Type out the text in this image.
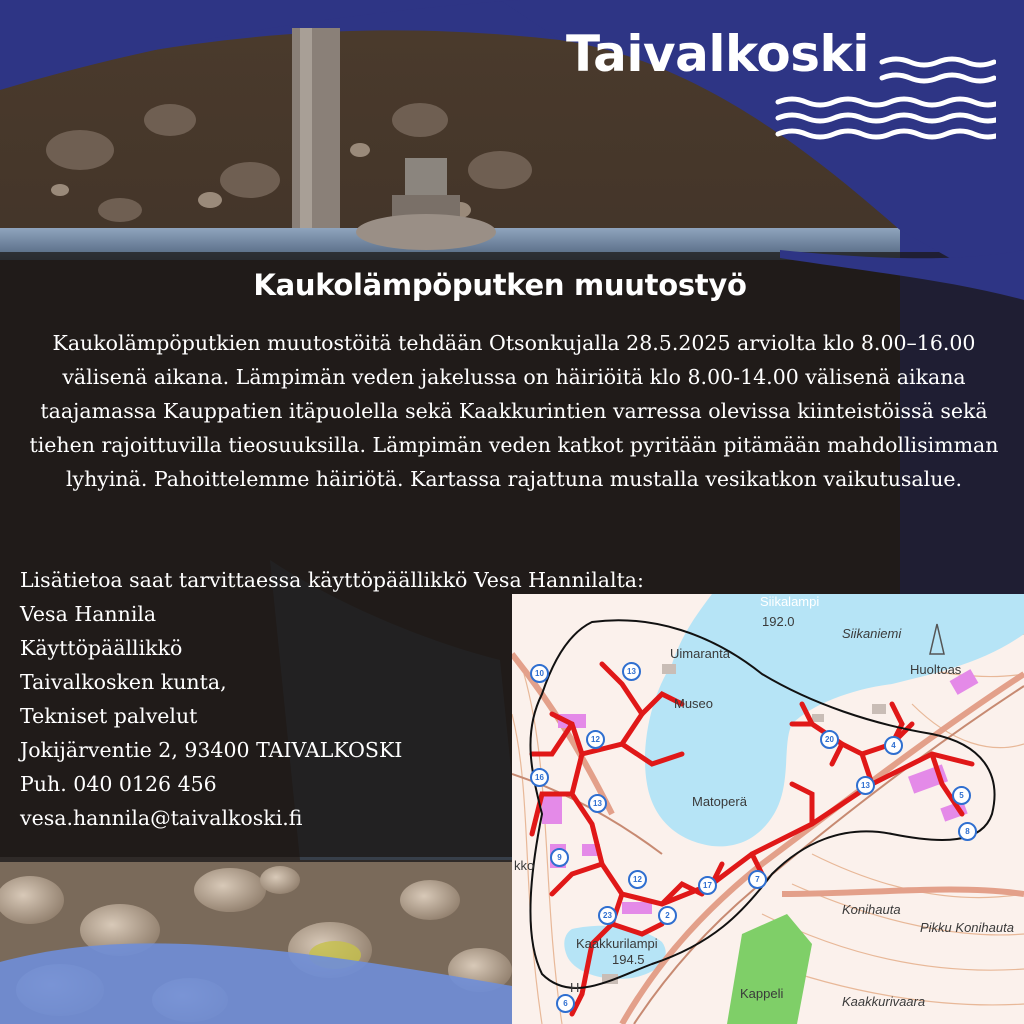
Taivalkoski
Kaukolämpöputken muutostyö
Kaukolämpöputkien muutostöitä tehdään Otsonkujalla 28.5.2025 arviolta klo 8.00–16.00 välisenä aikana. Lämpimän veden jakelussa on häiriöitä klo 8.00-14.00 välisenä aikana taajamassa Kauppatien itäpuolella sekä Kaakkurintien varressa olevissa kiinteistöissä sekä tiehen rajoittuvilla tieosuuksilla. Lämpimän veden katkot pyritään pitämään mahdollisimman lyhyinä. Pahoittelemme häiriötä. Kartassa rajattuna mustalla vesikatkon vaikutusalue.
Lisätietoa saat tarvittaessa käyttöpäällikkö Vesa Hannilalta:
Vesa Hannila
Käyttöpäällikkö
Taivalkosken kunta,
Tekniset palvelut
Jokijärventie 2, 93400 TAIVALKOSKI
Puh. 040 0126 456
vesa.hannila@taivalkoski.fi
Siikalampi
192.0
Siikaniemi
Uimaranta
Huoltoas
Museo
Matoperä
Konihauta
Pikku Konihauta
Kaakkurilampi
194.5
Kappeli
Kaakkurivaara
kko
H
13
10
12
16
13
9
12
23	2
17
7
20
4
13
5
8
6
